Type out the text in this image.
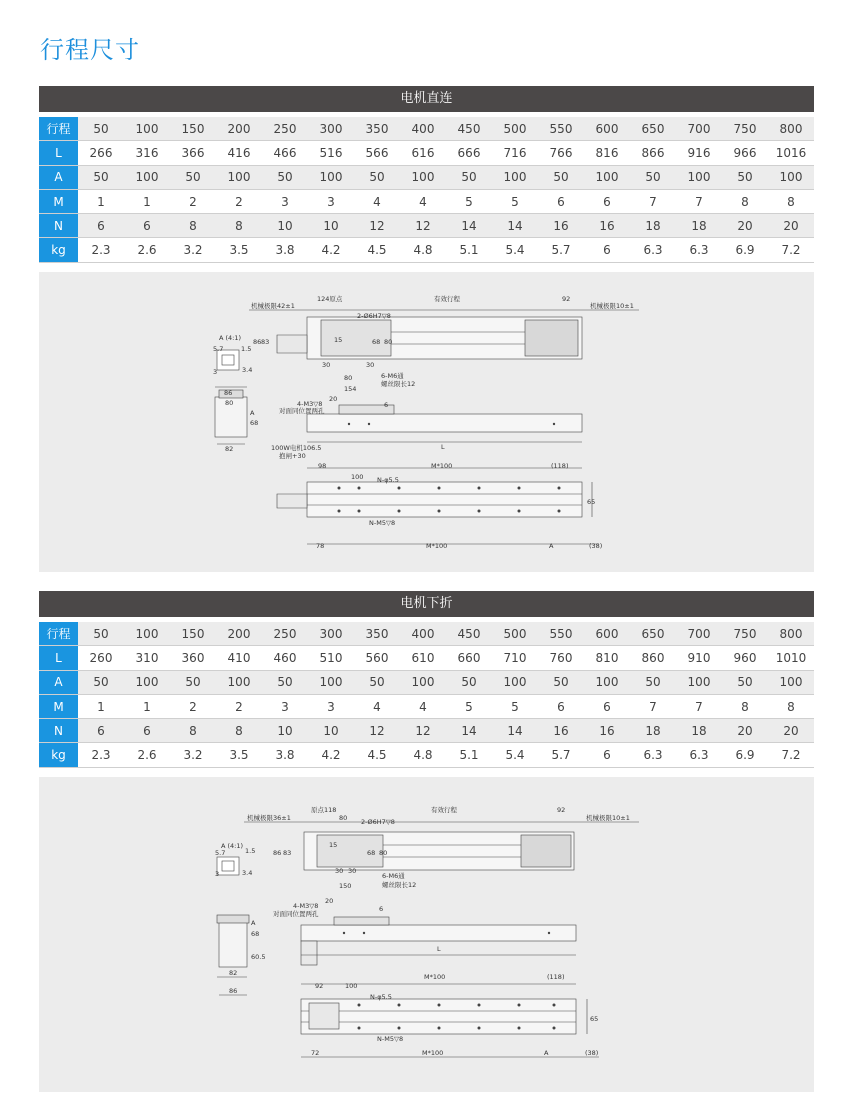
行程尺寸
电机直连
行程	50	100	150	200	250	300	350	400	450	500	550	600	650	700	750	800
L	266	316	366	416	466	516	566	616	666	716	766	816	866	916	966	1016
A	50	100	50	100	50	100	50	100	50	100	50	100	50	100	50	100
M	1	1	2	2	3	3	4	4	5	5	6	6	7	7	8	8
N	6	6	8	8	10	10	12	12	14	14	16	16	18	18	20	20
kg	2.3	2.6	3.2	3.5	3.8	4.2	4.5	4.8	5.1	5.4	5.7	6	6.3	6.3	6.9	7.2
机械极限42±1
124原点	有效行程	92
机械极限10±1
2-Ø6H7▽8
A (4:1)
5.7	1.5
3	3.4
86 83	15	68 80
30
80
30
154
6-M6通
螺丝限长12
86
80	20
4-M3▽8
对面同位置两孔
6
A
68
82	100W电机106.5
抱闸+30
L
98	M*100	(118)
100 N-φ5.5
65
N-M5▽8
78	M*100	A	(38)
电机下折
行程	50	100	150	200	250	300	350	400	450	500	550	600	650	700	750	800
L	260	310	360	410	460	510	560	610	660	710	760	810	860	910	960	1010
A	50	100	50	100	50	100	50	100	50	100	50	100	50	100	50	100
M	1	1	2	2	3	3	4	4	5	5	6	6	7	7	8	8
N	6	6	8	8	10	10	12	12	14	14	16	16	18	18	20	20
kg	2.3	2.6	3.2	3.5	3.8	4.2	4.5	4.8	5.1	5.4	5.7	6	6.3	6.3	6.9	7.2
机械极限36±1
原点118	有效行程	92
机械极限10±1
80 2-Ø6H7▽8
A (4:1)
5.7	1.5
3	3.4
86 83
15
68 80
30 30
150
6-M6通
螺丝限长12
20
4-M3▽8
对面同位置两孔
6
A
68
60.5
82
86
L
M*100	(118)
92	100
N-φ5.5
65
N-M5▽8
72	M*100	A	(38)
